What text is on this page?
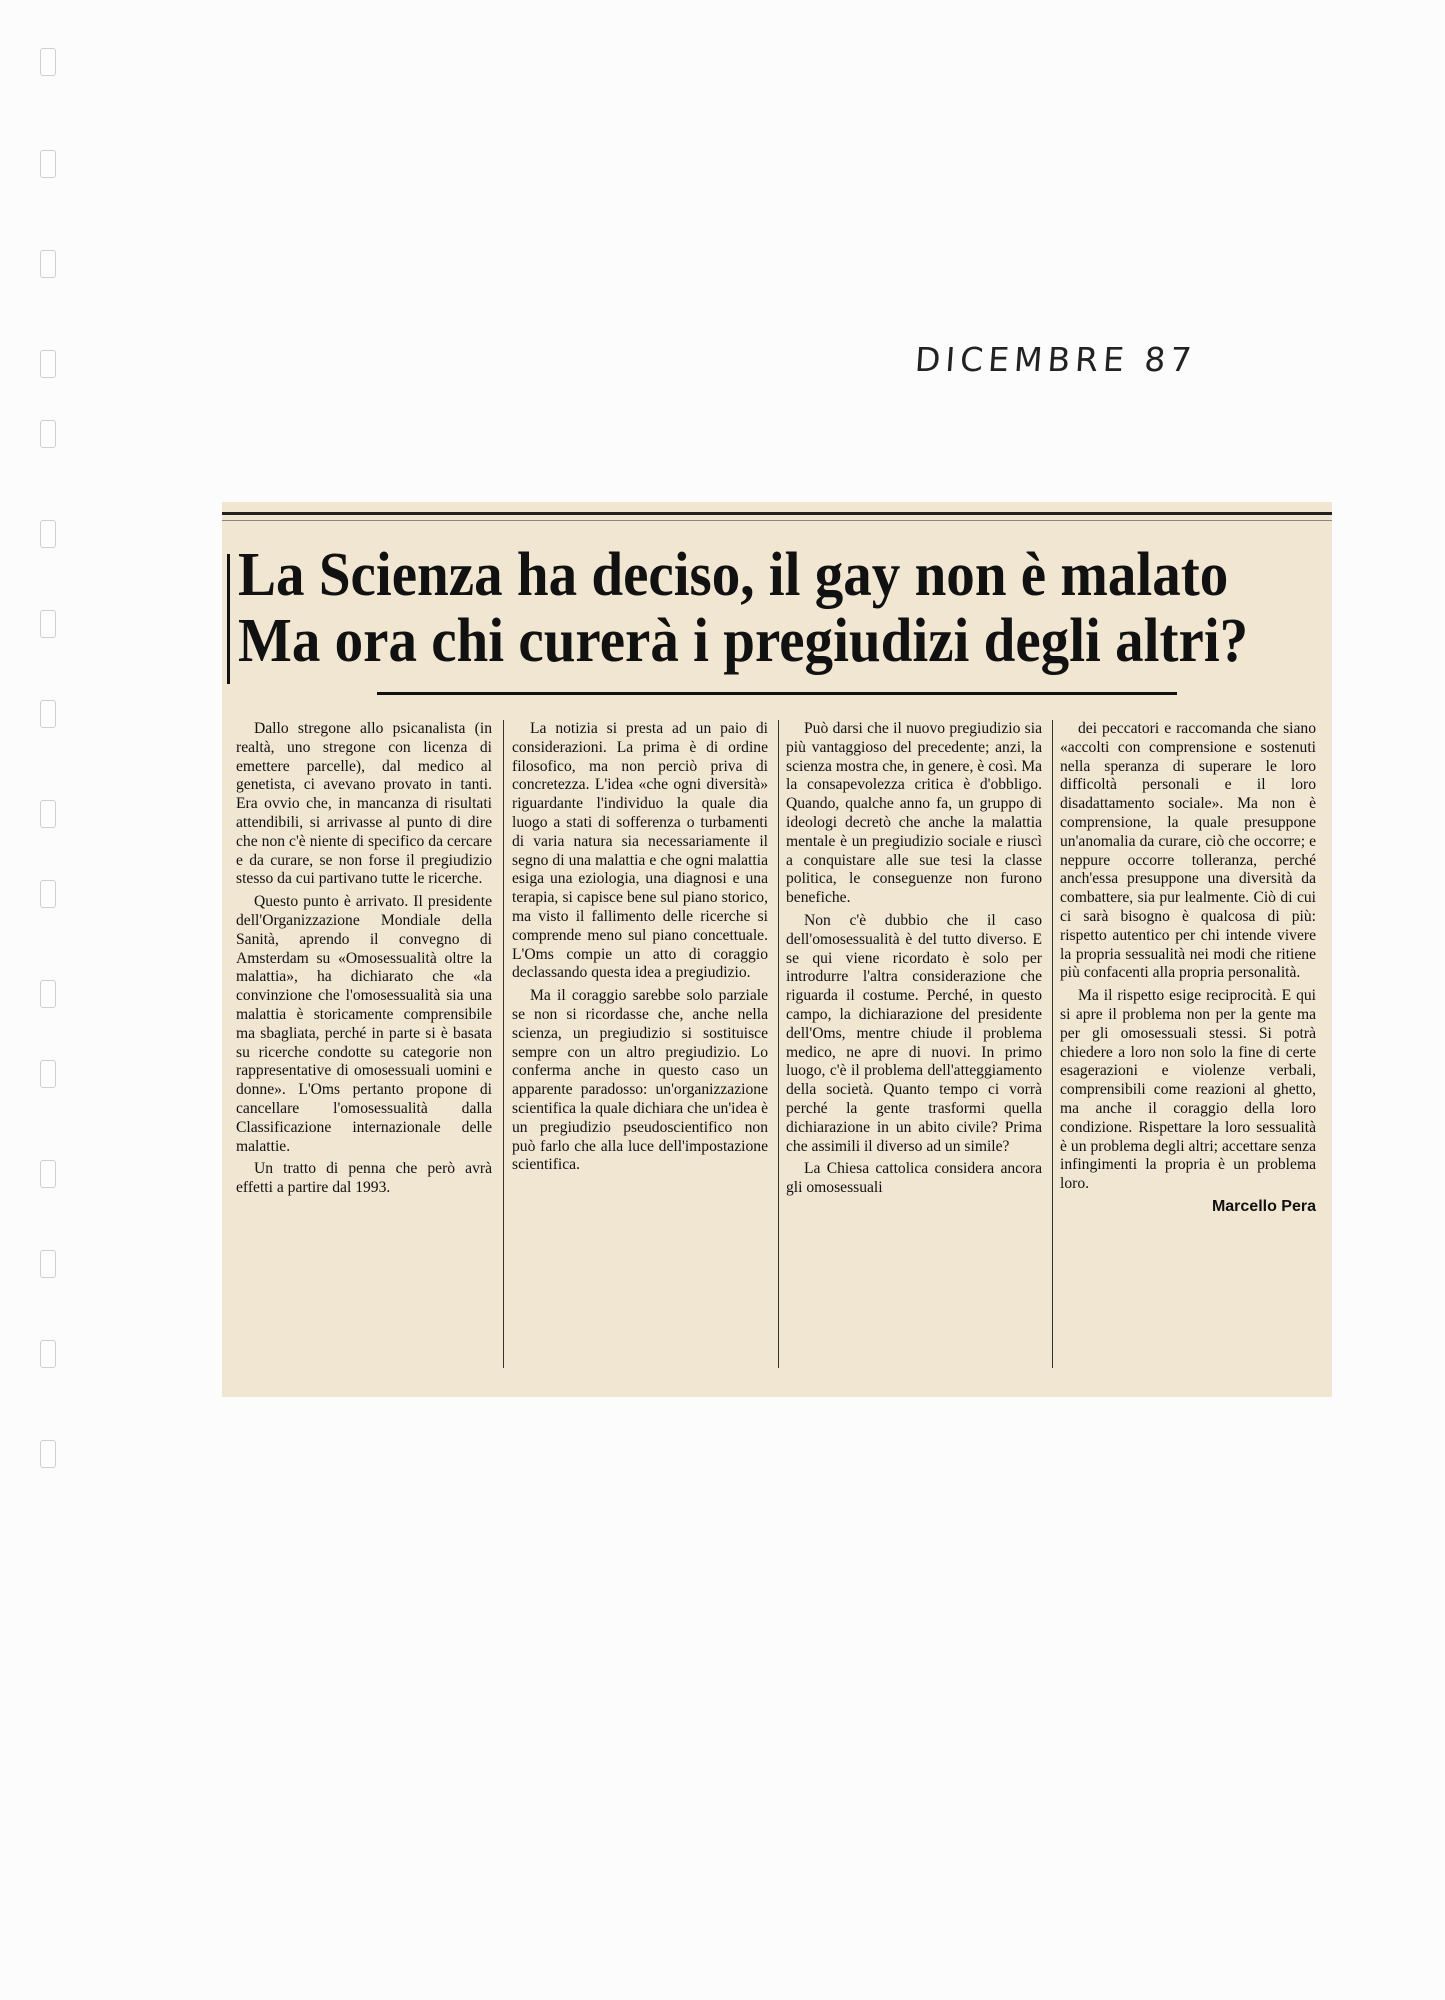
DICEMBRE 87
La Scienza ha deciso, il gay non è malato
Ma ora chi curerà i pregiudizi degli altri?

Dallo stregone allo psicanalista (in realtà, uno stregone con licenza di emettere parcelle), dal medico al genetista, ci avevano provato in tanti. Era ovvio che, in mancanza di risultati attendibili, si arrivasse al punto di dire che non c'è niente di specifico da cercare e da curare, se non forse il pregiudizio stesso da cui partivano tutte le ricerche.

Questo punto è arrivato. Il presidente dell'Organizzazione Mondiale della Sanità, aprendo il convegno di Amsterdam su «Omosessualità oltre la malattia», ha dichiarato che «la convinzione che l'omosessualità sia una malattia è storicamente comprensibile ma sbagliata, perché in parte si è basata su ricerche condotte su categorie non rappresentative di omosessuali uomini e donne». L'Oms pertanto propone di cancellare l'omosessualità dalla Classificazione internazionale delle malattie.

Un tratto di penna che però avrà effetti a partire dal 1993.

La notizia si presta ad un paio di considerazioni. La prima è di ordine filosofico, ma non perciò priva di concretezza. L'idea «che ogni diversità» riguardante l'individuo la quale dia luogo a stati di sofferenza o turbamenti di varia natura sia necessariamente il segno di una malattia e che ogni malattia esiga una eziologia, una diagnosi e una terapia, si capisce bene sul piano storico, ma visto il fallimento delle ricerche si comprende meno sul piano concettuale. L'Oms compie un atto di coraggio declassando questa idea a pregiudizio.

Ma il coraggio sarebbe solo parziale se non si ricordasse che, anche nella scienza, un pregiudizio si sostituisce sempre con un altro pregiudizio. Lo conferma anche in questo caso un apparente paradosso: un'organizzazione scientifica la quale dichiara che un'idea è un pregiudizio pseudoscientifico non può farlo che alla luce dell'impostazione scientifica.

Può darsi che il nuovo pregiudizio sia più vantaggioso del precedente; anzi, la scienza mostra che, in genere, è così. Ma la consapevolezza critica è d'obbligo. Quando, qualche anno fa, un gruppo di ideologi decretò che anche la malattia mentale è un pregiudizio sociale e riuscì a conquistare alle sue tesi la classe politica, le conseguenze non furono benefiche.

Non c'è dubbio che il caso dell'omosessualità è del tutto diverso. E se qui viene ricordato è solo per introdurre l'altra considerazione che riguarda il costume. Perché, in questo campo, la dichiarazione del presidente dell'Oms, mentre chiude il problema medico, ne apre di nuovi. In primo luogo, c'è il problema dell'atteggiamento della società. Quanto tempo ci vorrà perché la gente trasformi quella dichiarazione in un abito civile? Prima che assimili il diverso ad un simile?

La Chiesa cattolica considera ancora gli omosessuali

dei peccatori e raccomanda che siano «accolti con comprensione e sostenuti nella speranza di superare le loro difficoltà personali e il loro disadattamento sociale». Ma non è comprensione, la quale presuppone un'anomalia da curare, ciò che occorre; e neppure occorre tolleranza, perché anch'essa presuppone una diversità da combattere, sia pur lealmente. Ciò di cui ci sarà bisogno è qualcosa di più: rispetto autentico per chi intende vivere la propria sessualità nei modi che ritiene più confacenti alla propria personalità.

Ma il rispetto esige reciprocità. E qui si apre il problema non per la gente ma per gli omosessuali stessi. Si potrà chiedere a loro non solo la fine di certe esagerazioni e violenze verbali, comprensibili come reazioni al ghetto, ma anche il coraggio della loro condizione. Rispettare la loro sessualità è un problema degli altri; accettare senza infingimenti la propria è un problema loro.

Marcello Pera
